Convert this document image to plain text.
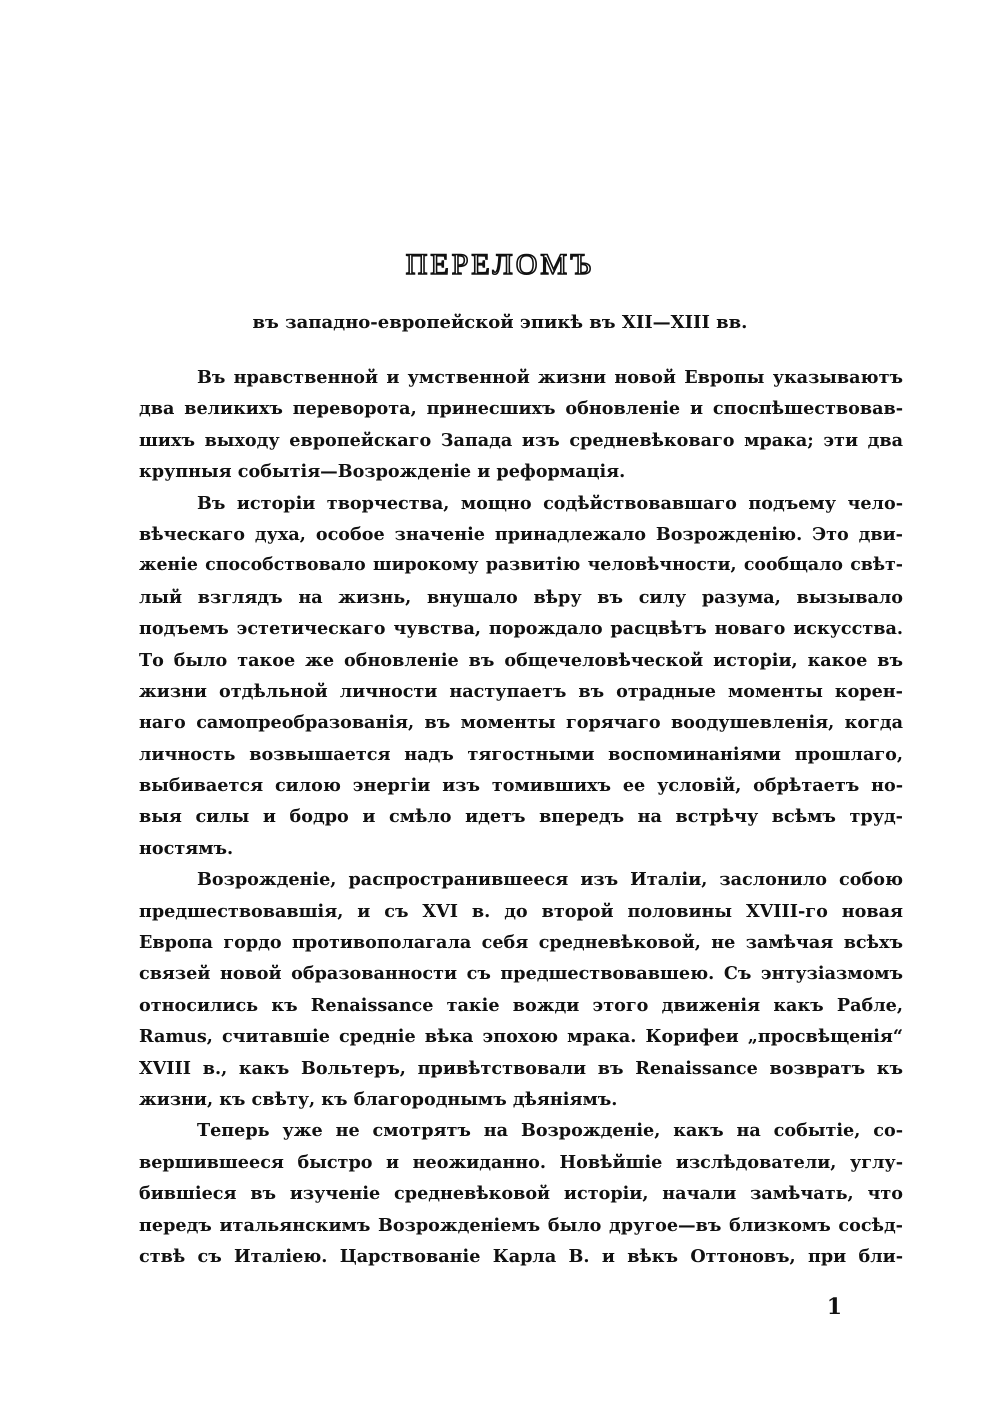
ПЕРЕЛОМЪ
въ западно-европейской эпикѣ въ XII—XIII вв.
Въ нравственной и умственной жизни новой Европы указываютъ
два великихъ переворота, принесшихъ обновленіе и споспѣшествовав-
шихъ выходу европейскаго Запада изъ средневѣковаго мрака; эти два
крупныя событія—Возрожденіе и реформація.
Въ исторіи творчества, мощно содѣйствовавшаго подъему чело-
вѣческаго духа, особое значеніе принадлежало Возрожденію. Это дви-
женіе способствовало широкому развитію человѣчности, сообщало свѣт-
лый взглядъ на жизнь, внушало вѣру въ силу разума, вызывало
подъемъ эстетическаго чувства, порождало расцвѣтъ новаго искусства.
То было такое же обновленіе въ общечеловѣческой исторіи, какое въ
жизни отдѣльной личности наступаетъ въ отрадные моменты корен-
наго самопреобразованія, въ моменты горячаго воодушевленія, когда
личность возвышается надъ тягостными воспоминаніями прошлаго,
выбивается силою энергіи изъ томившихъ ее условій, обрѣтаетъ но-
выя силы и бодро и смѣло идетъ впередъ на встрѣчу всѣмъ труд-
ностямъ.
Возрожденіе, распространившееся изъ Италіи, заслонило собою
предшествовавшія, и съ XVI в. до второй половины XVIII-го новая
Европа гордо противополагала себя средневѣковой, не замѣчая всѣхъ
связей новой образованности съ предшествовавшею. Съ энтузіазмомъ
относились къ Renaissance такіе вожди этого движенія какъ Рабле,
Ramus, считавшіе средніе вѣка эпохою мрака. Корифеи „просвѣщенія“
XVIII в., какъ Вольтеръ, привѣтствовали въ Renaissance возвратъ къ
жизни, къ свѣту, къ благороднымъ дѣяніямъ.
Теперь уже не смотрятъ на Возрожденіе, какъ на событіе, со-
вершившееся быстро и неожиданно. Новѣйшіе изслѣдователи, углу-
бившіеся въ изученіе средневѣковой исторіи, начали замѣчать, что
передъ итальянскимъ Возрожденіемъ было другое—въ близкомъ сосѣд-
ствѣ съ Италіею. Царствованіе Карла В. и вѣкъ Оттоновъ, при бли-
1
